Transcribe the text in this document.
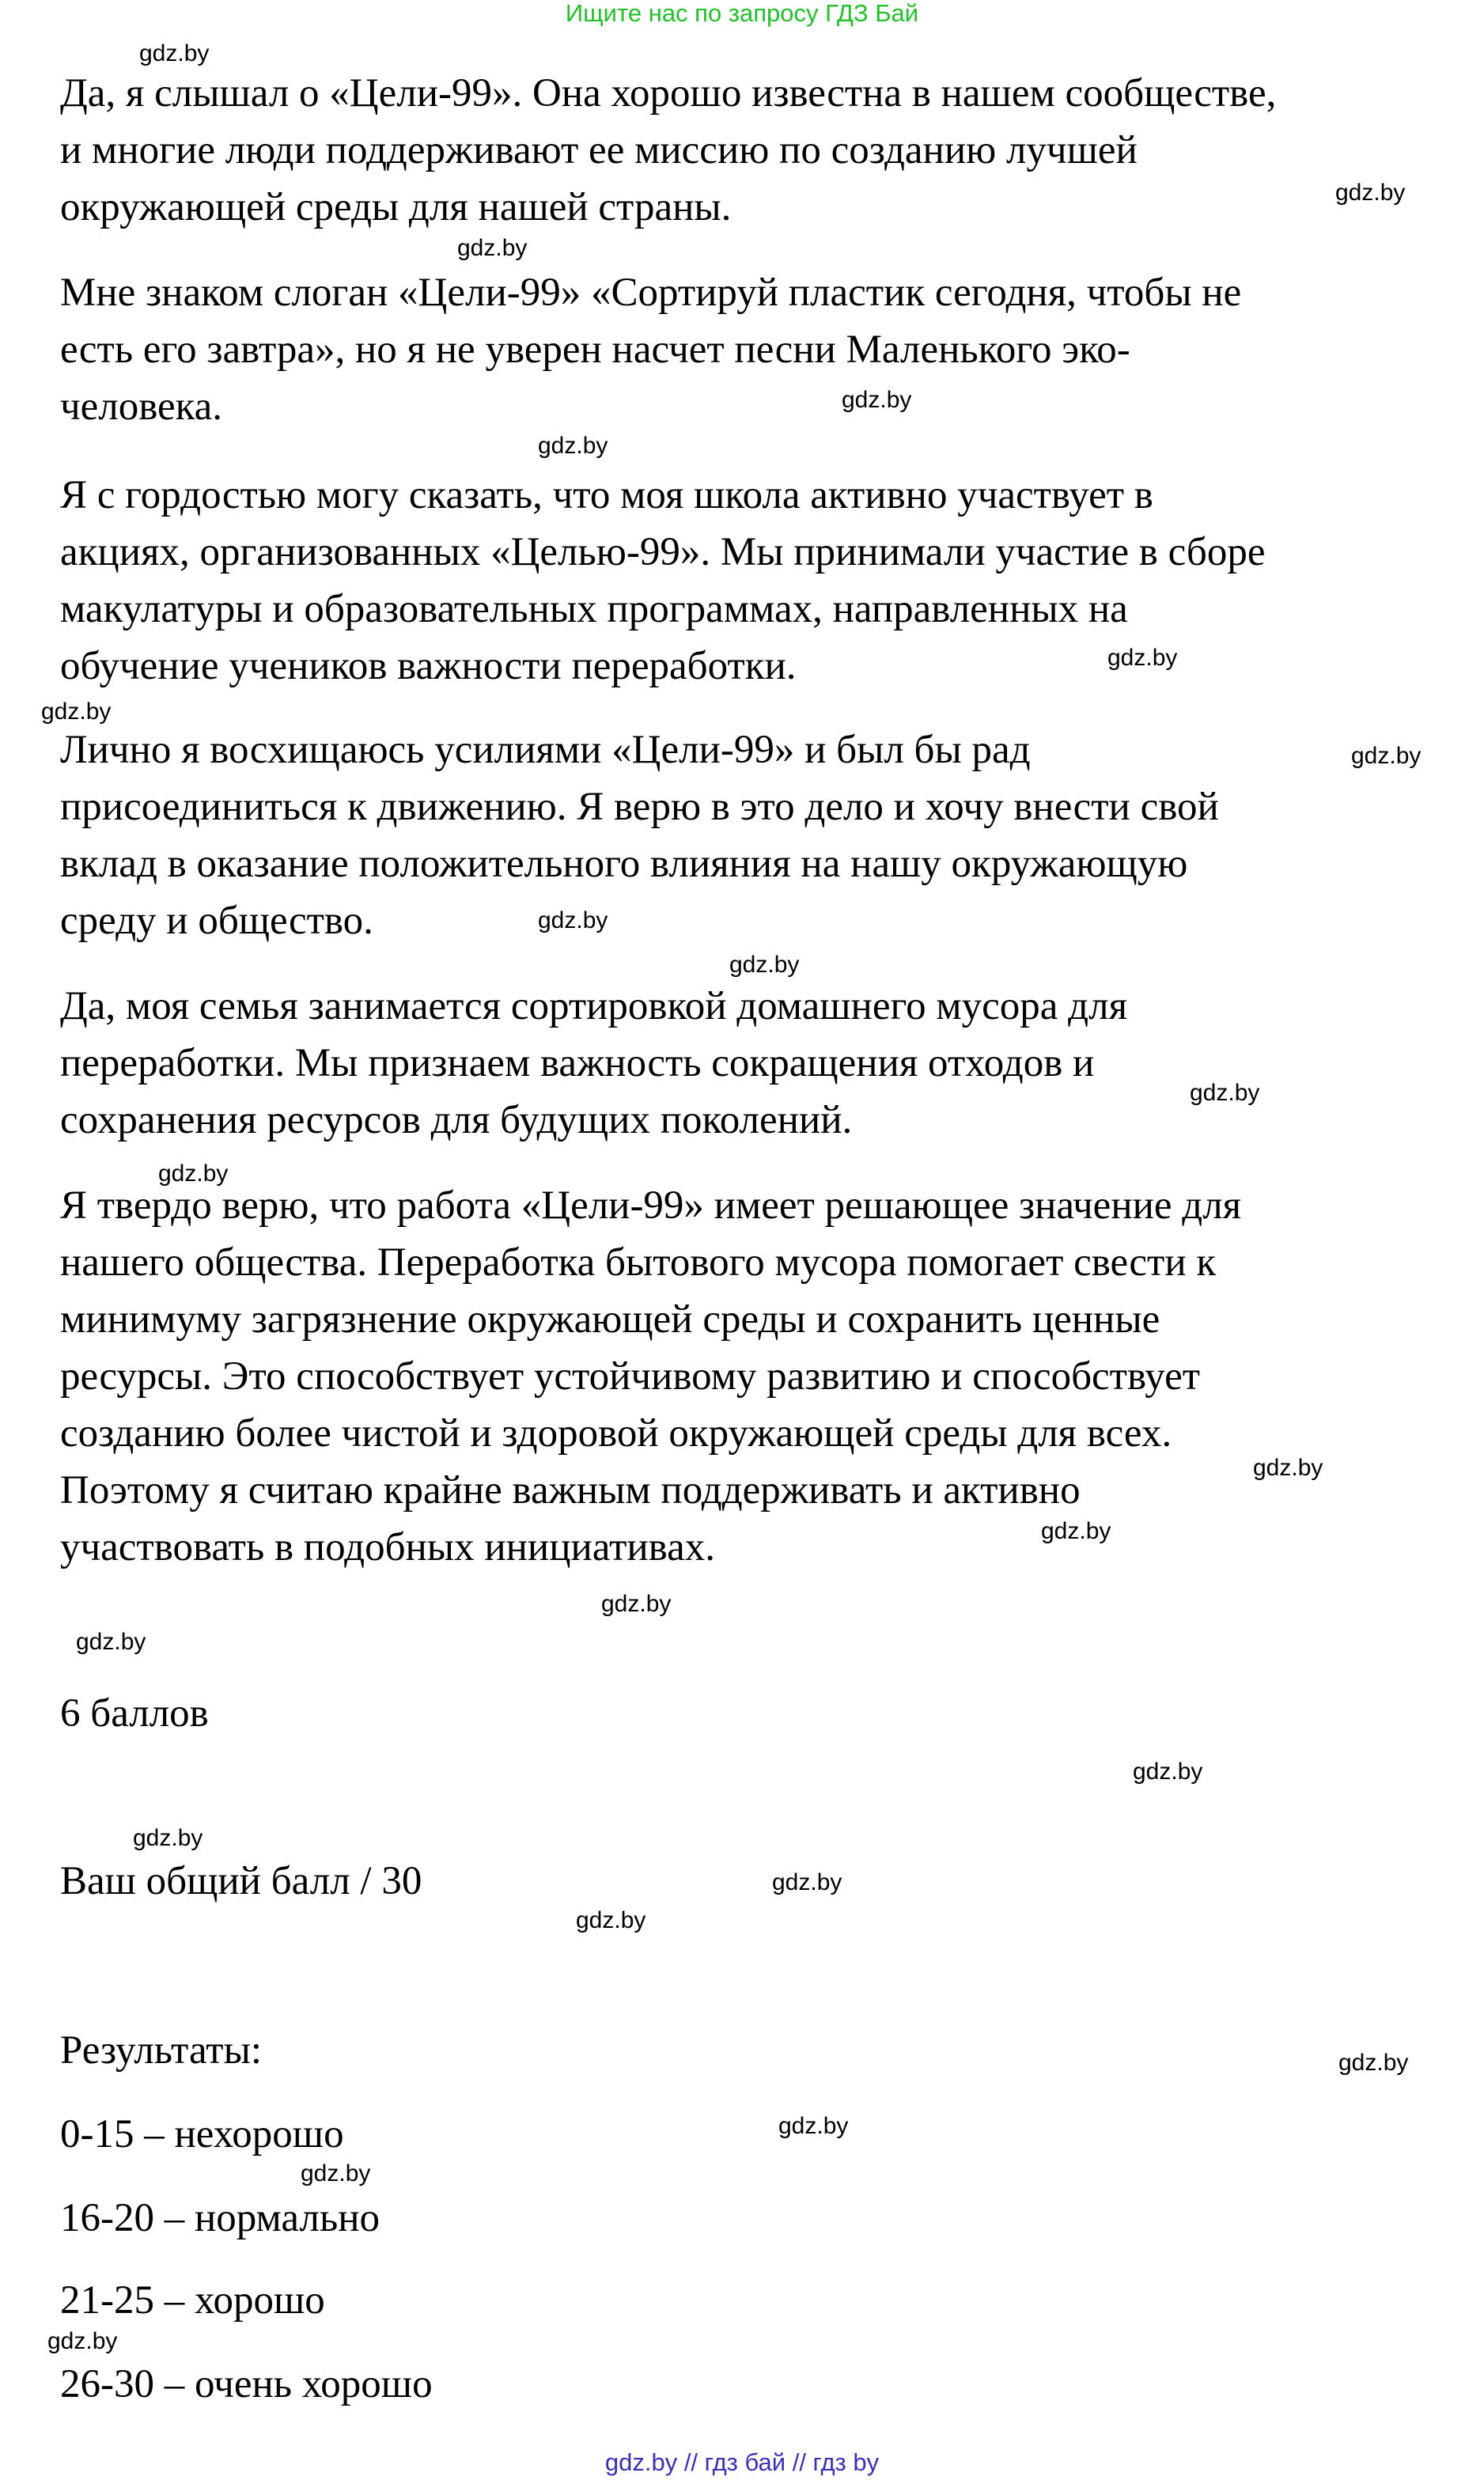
Ищите нас по запросу ГДЗ Бай
Да, я слышал о «Цели-99». Она хорошо известна в нашем сообществе,
и многие люди поддерживают ее миссию по созданию лучшей
окружающей среды для нашей страны.
Мне знаком слоган «Цели-99» «Сортируй пластик сегодня, чтобы не
есть его завтра», но я не уверен насчет песни Маленького эко-
человека.
Я с гордостью могу сказать, что моя школа активно участвует в
акциях, организованных «Целью-99». Мы принимали участие в сборе
макулатуры и образовательных программах, направленных на
обучение учеников важности переработки.
Лично я восхищаюсь усилиями «Цели-99» и был бы рад
присоединиться к движению. Я верю в это дело и хочу внести свой
вклад в оказание положительного влияния на нашу окружающую
среду и общество.
Да, моя семья занимается сортировкой домашнего мусора для
переработки. Мы признаем важность сокращения отходов и
сохранения ресурсов для будущих поколений.
Я твердо верю, что работа «Цели-99» имеет решающее значение для
нашего общества. Переработка бытового мусора помогает свести к
минимуму загрязнение окружающей среды и сохранить ценные
ресурсы. Это способствует устойчивому развитию и способствует
созданию более чистой и здоровой окружающей среды для всех.
Поэтому я считаю крайне важным поддерживать и активно
участвовать в подобных инициативах.
6 баллов
Ваш общий балл / 30
Результаты:
0-15 – нехорошо
16-20 – нормально
21-25 – хорошо
26-30 – очень хорошо
gdz.by
gdz.by
gdz.by
gdz.by
gdz.by
gdz.by
gdz.by
gdz.by
gdz.by
gdz.by
gdz.by
gdz.by
gdz.by
gdz.by
gdz.by
gdz.by
gdz.by
gdz.by
gdz.by
gdz.by
gdz.by
gdz.by
gdz.by
gdz.by
gdz.by // гдз бай // гдз by
